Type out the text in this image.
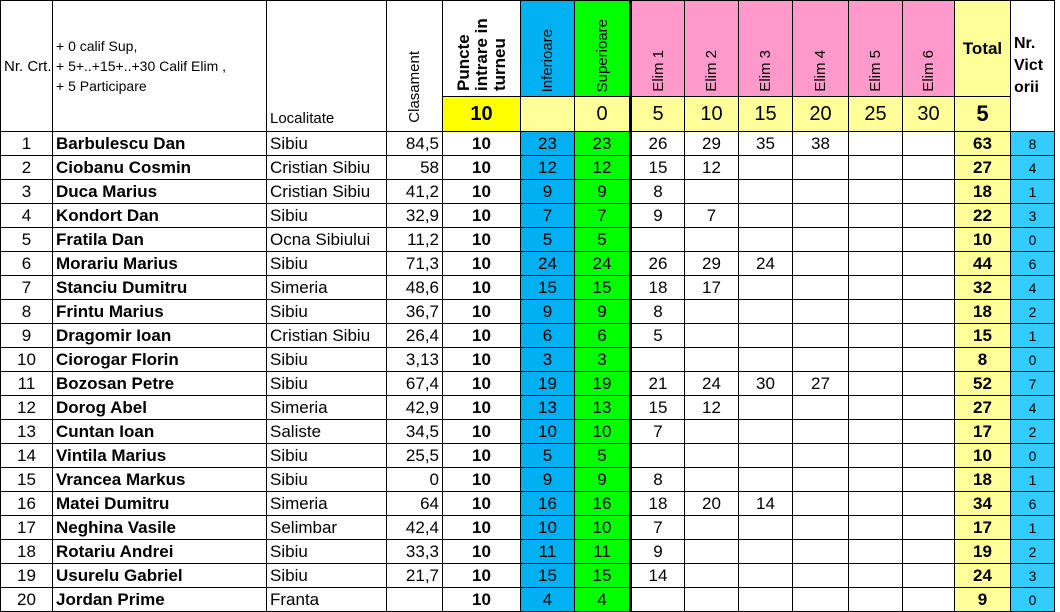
Nr. Crt.	+ 0 calif Sup,
+ 5+..+15+..+30 Calif Elim ,
+ 5 Participare	Localitate	Clasament	Puncte intrare in turneu	Inferioare	Superioare	Elim 1	Elim 2	Elim 3	Elim 4	Elim 5	Elim 6	Total	Nr. Vict orii
				10		0	5	10	15	20	25	30	5	
1	Barbulescu Dan	Sibiu	84,5	10	23	23	26	29	35	38			63	8
2	Ciobanu Cosmin	Cristian Sibiu	58	10	12	12	15	12					27	4
3	Duca Marius	Cristian Sibiu	41,2	10	9	9	8						18	1
4	Kondort Dan	Sibiu	32,9	10	7	7	9	7					22	3
5	Fratila Dan	Ocna Sibiului	11,2	10	5	5							10	0
6	Morariu Marius	Sibiu	71,3	10	24	24	26	29	24				44	6
7	Stanciu Dumitru	Simeria	48,6	10	15	15	18	17					32	4
8	Frintu Marius	Sibiu	36,7	10	9	9	8						18	2
9	Dragomir Ioan	Cristian Sibiu	26,4	10	6	6	5						15	1
10	Ciorogar Florin	Sibiu	3,13	10	3	3							8	0
11	Bozosan Petre	Sibiu	67,4	10	19	19	21	24	30	27			52	7
12	Dorog Abel	Simeria	42,9	10	13	13	15	12					27	4
13	Cuntan Ioan	Saliste	34,5	10	10	10	7						17	2
14	Vintila Marius	Sibiu	25,5	10	5	5							10	0
15	Vrancea Markus	Sibiu	0	10	9	9	8						18	1
16	Matei Dumitru	Simeria	64	10	16	16	18	20	14				34	6
17	Neghina Vasile	Selimbar	42,4	10	10	10	7						17	1
18	Rotariu Andrei	Sibiu	33,3	10	11	11	9						19	2
19	Usurelu Gabriel	Sibiu	21,7	10	15	15	14						24	3
20	Jordan Prime	Franta		10	4	4							9	0
